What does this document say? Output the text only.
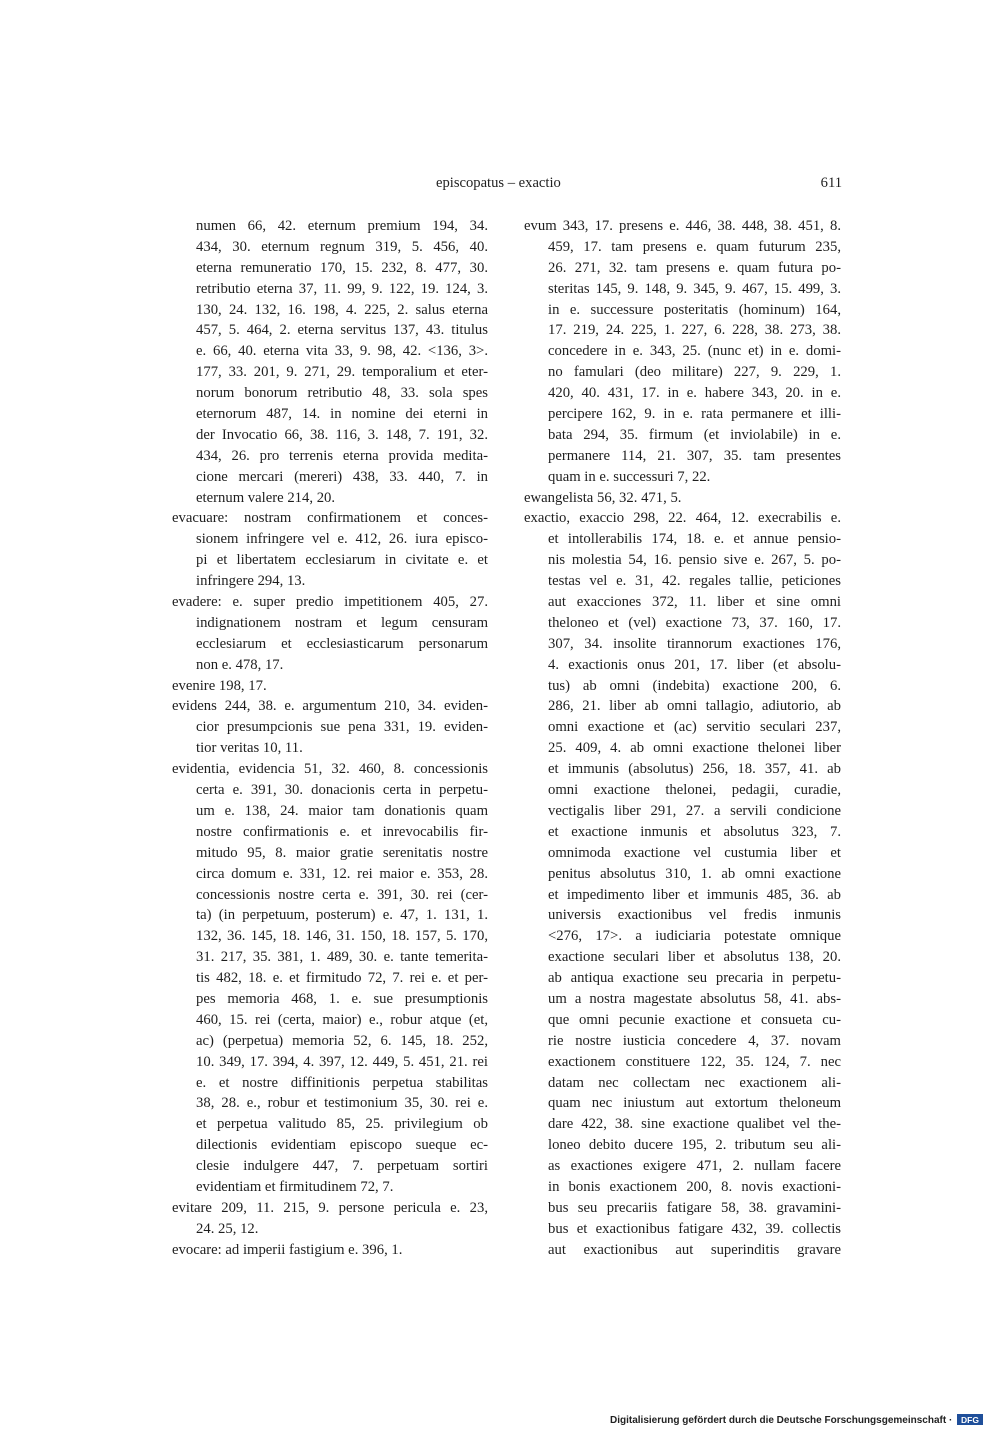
episcopatus – exactio	611
numen 66, 42. eternum premium 194, 34.
434, 30. eternum regnum 319, 5. 456, 40.
eterna remuneratio 170, 15. 232, 8. 477, 30.
retributio eterna 37, 11. 99, 9. 122, 19. 124, 3.
130, 24. 132, 16. 198, 4. 225, 2. salus eterna
457, 5. 464, 2. eterna servitus 137, 43. titulus
e. 66, 40. eterna vita 33, 9. 98, 42. <136, 3>.
177, 33. 201, 9. 271, 29. temporalium et eter-
norum bonorum retributio 48, 33. sola spes
eternorum 487, 14. in nomine dei eterni in
der Invocatio 66, 38. 116, 3. 148, 7. 191, 32.
434, 26. pro terrenis eterna provida medita-
cione mercari (mereri) 438, 33. 440, 7. in
eternum valere 214, 20.
evacuare: nostram confirmationem et conces-
sionem infringere vel e. 412, 26. iura episco-
pi et libertatem ecclesiarum in civitate e. et
infringere 294, 13.
evadere: e. super predio impetitionem 405, 27.
indignationem nostram et legum censuram
ecclesiarum et ecclesiasticarum personarum
non e. 478, 17.
evenire 198, 17.
evidens 244, 38. e. argumentum 210, 34. eviden-
cior presumpcionis sue pena 331, 19. eviden-
tior veritas 10, 11.
evidentia, evidencia 51, 32. 460, 8. concessionis
certa e. 391, 30. donacionis certa in perpetu-
um e. 138, 24. maior tam donationis quam
nostre confirmationis e. et inrevocabilis fir-
mitudo 95, 8. maior gratie serenitatis nostre
circa domum e. 331, 12. rei maior e. 353, 28.
concessionis nostre certa e. 391, 30. rei (cer-
ta) (in perpetuum, posterum) e. 47, 1. 131, 1.
132, 36. 145, 18. 146, 31. 150, 18. 157, 5. 170,
31. 217, 35. 381, 1. 489, 30. e. tante temerita-
tis 482, 18. e. et firmitudo 72, 7. rei e. et per-
pes memoria 468, 1. e. sue presumptionis
460, 15. rei (certa, maior) e., robur atque (et,
ac) (perpetua) memoria 52, 6. 145, 18. 252,
10. 349, 17. 394, 4. 397, 12. 449, 5. 451, 21. rei
e. et nostre diffinitionis perpetua stabilitas
38, 28. e., robur et testimonium 35, 30. rei e.
et perpetua valitudo 85, 25. privilegium ob
dilectionis evidentiam episcopo sueque ec-
clesie indulgere 447, 7. perpetuam sortiri
evidentiam et firmitudinem 72, 7.
evitare 209, 11. 215, 9. persone pericula e. 23,
24. 25, 12.
evocare: ad imperii fastigium e. 396, 1.
evum 343, 17. presens e. 446, 38. 448, 38. 451, 8.
459, 17. tam presens e. quam futurum 235,
26. 271, 32. tam presens e. quam futura po-
steritas 145, 9. 148, 9. 345, 9. 467, 15. 499, 3.
in e. successure posteritatis (hominum) 164,
17. 219, 24. 225, 1. 227, 6. 228, 38. 273, 38.
concedere in e. 343, 25. (nunc et) in e. domi-
no famulari (deo militare) 227, 9. 229, 1.
420, 40. 431, 17. in e. habere 343, 20. in e.
percipere 162, 9. in e. rata permanere et illi-
bata 294, 35. firmum (et inviolabile) in e.
permanere 114, 21. 307, 35. tam presentes
quam in e. successuri 7, 22.
ewangelista 56, 32. 471, 5.
exactio, exaccio 298, 22. 464, 12. execrabilis e.
et intollerabilis 174, 18. e. et annue pensio-
nis molestia 54, 16. pensio sive e. 267, 5. po-
testas vel e. 31, 42. regales tallie, peticiones
aut exacciones 372, 11. liber et sine omni
theloneo et (vel) exactione 73, 37. 160, 17.
307, 34. insolite tirannorum exactiones 176,
4. exactionis onus 201, 17. liber (et absolu-
tus) ab omni (indebita) exactione 200, 6.
286, 21. liber ab omni tallagio, adiutorio, ab
omni exactione et (ac) servitio seculari 237,
25. 409, 4. ab omni exactione thelonei liber
et immunis (absolutus) 256, 18. 357, 41. ab
omni exactione thelonei, pedagii, curadie,
vectigalis liber 291, 27. a servili condicione
et exactione inmunis et absolutus 323, 7.
omnimoda exactione vel custumia liber et
penitus absolutus 310, 1. ab omni exactione
et impedimento liber et immunis 485, 36. ab
universis exactionibus vel fredis inmunis
<276, 17>. a iudiciaria potestate omnique
exactione seculari liber et absolutus 138, 20.
ab antiqua exactione seu precaria in perpetu-
um a nostra magestate absolutus 58, 41. abs-
que omni pecunie exactione et consueta cu-
rie nostre iusticia concedere 4, 37. novam
exactionem constituere 122, 35. 124, 7. nec
datam nec collectam nec exactionem ali-
quam nec iniustum aut extortum theloneum
dare 422, 38. sine exactione qualibet vel the-
loneo debito ducere 195, 2. tributum seu ali-
as exactiones exigere 471, 2. nullam facere
in bonis exactionem 200, 8. novis exactioni-
bus seu precariis fatigare 58, 38. gravamini-
bus et exactionibus fatigare 432, 39. collectis
aut exactionibus aut superinditis gravare
Digitalisierung gefördert durch die Deutsche Forschungsgemeinschaft · DFG
